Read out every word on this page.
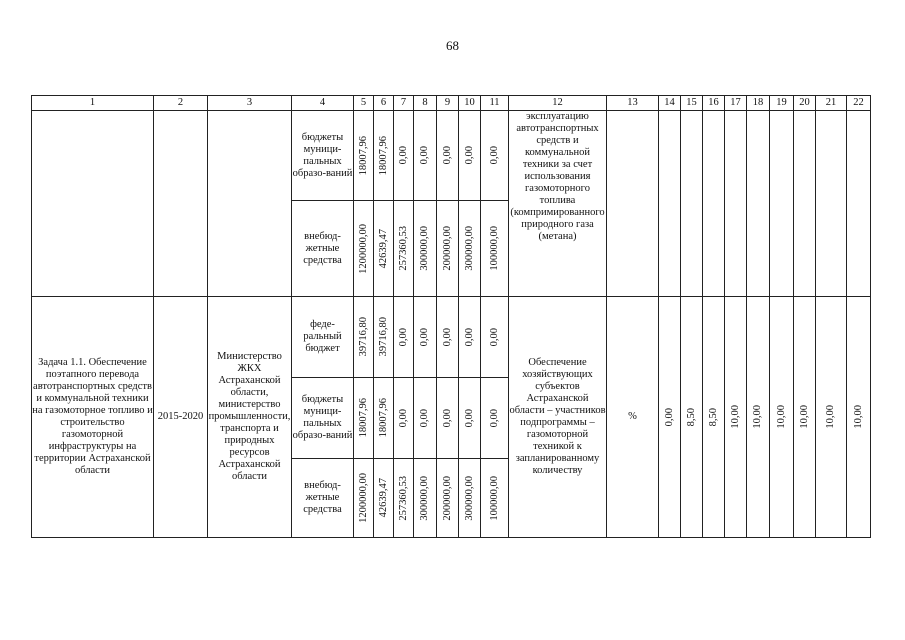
68
1	2	3	4	5	6	7	8	9	10	11	12	13	14	15	16	17	18	19	20	21	22
			бюджеты муници-пальных образо-ваний	18007,96	18007,96	0,00	0,00	0,00	0,00	0,00	эксплуатацию автотранспортных средств и коммунальной техники за счет использования газомоторного топлива (компримированного природного газа (метана)										
			внебюд-жетные средства	1200000,00	42639,47	257360,53	300000,00	200000,00	300000,00	100000,00											

Задача 1.1. Обеспечение поэтапного перевода автотранспортных средств и коммунальной техники на газомоторное топливо и строительство газомоторной инфраструктуры на территории Астраханской области	2015-2020	Министерство ЖКХ Астраханской области, министерство промышленности, транспорта и природных ресурсов Астраханской области	феде-ральный бюджет	39716,80	39716,80	0,00	0,00	0,00	0,00	0,00	Обеспечение хозяйствующих субъектов Астраханской области – участников подпрограммы – газомоторной техникой к запланированному количеству	%	0,00	8,50	8,50	10,00	10,00	10,00	10,00	10,00	10,00

			бюджеты муници-пальных образо-ваний	18007,96	18007,96	0,00	0,00	0,00	0,00	0,00											

			внебюд-жетные средства	1200000,00	42639,47	257360,53	300000,00	200000,00	300000,00	100000,00											
